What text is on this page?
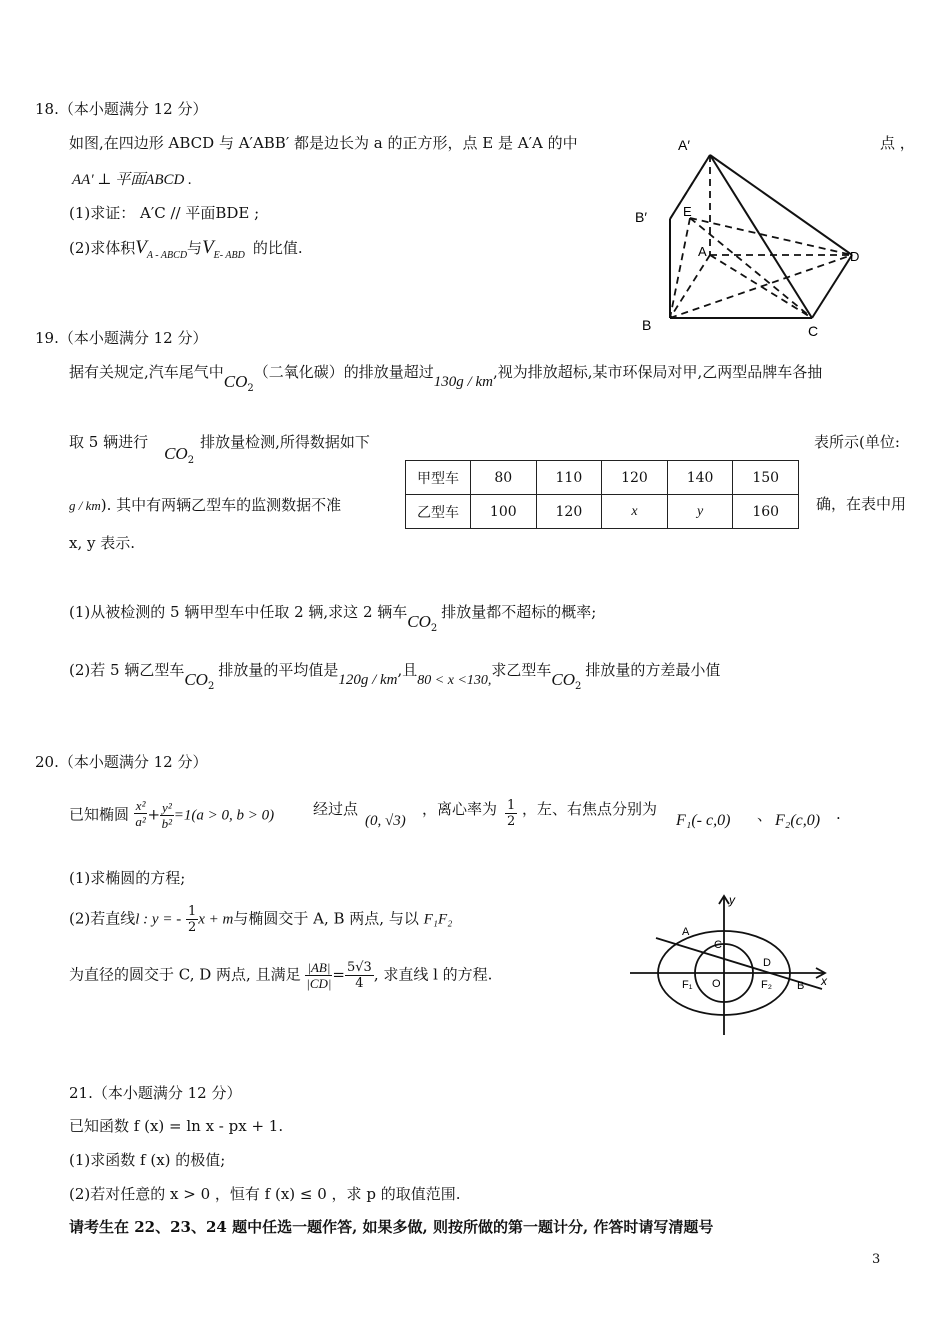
18.（本小题满分 12 分）
如图,在四边形 ABCD 与 A′ABB′ 都是边长为 a 的正方形，点 E 是 A′A 的中	点 ，
AA′ ⊥ 平面ABCD .
(1)求证： A′C // 平面BDE ;
(2)求体积$V_{A - ABCD}$与$V_{E- ABD}$ 的比值.
A′
B′	E
A	D
B	C
19.（本小题满分 12 分）
据有关规定,汽车尾气中$CO_2$（二氧化碳）的排放量超过130g / km,视为排放超标,某市环保局对甲,乙两型品牌车各抽
取 5 辆进行$CO_2$排放量检测,所得数据如下	表所示(单位:
g / km). 其中有两辆乙型车的监测数据不准	确，在表中用
x, y 表示.
甲型车	80	110	120	140	150
乙型车	100	120	x	y	160
(1)从被检测的 5 辆甲型车中任取 2 辆,求这 2 辆车$CO_2$排放量都不超标的概率;
(2)若 5 辆乙型车$CO_2$排放量的平均值是120g / km,且80 < x <130,求乙型车$CO_2$排放量的方差最小值
20.（本小题满分 12 分）
已知椭圆 $\frac{\text{x²}}{\text{a²}} + \frac{\text{y²}}{\text{b²}} =1(a > 0$, b > 0)	经过点
(0, √3)
，离心率为 $\frac{1}{2}$ ，左、右焦点分别为
F₁(- c,0) 、 F₂(c,0) .
(1)求椭圆的方程;
(2)若直线l : y = - $\frac{1}{2}$ x + m与椭圆交于 A, B 两点, 与以 F₁F₂
为直径的圆交于 C, D 两点, 且满足 $\frac{|AB|}{|CD|} = \frac{5√3}{4}$ , 求直线 l 的方程.
y
x
A
C
D
F₁ O	F₂ B
21.（本小题满分 12 分）
已知函数 f (x) = ln x - px + 1.
(1)求函数 f (x) 的极值;
(2)若对任意的 x > 0 ，恒有 f (x) ≤ 0 ，求 p 的取值范围.
请考生在 22、23、24 题中任选一题作答, 如果多做, 则按所做的第一题计分, 作答时请写清题号
3
